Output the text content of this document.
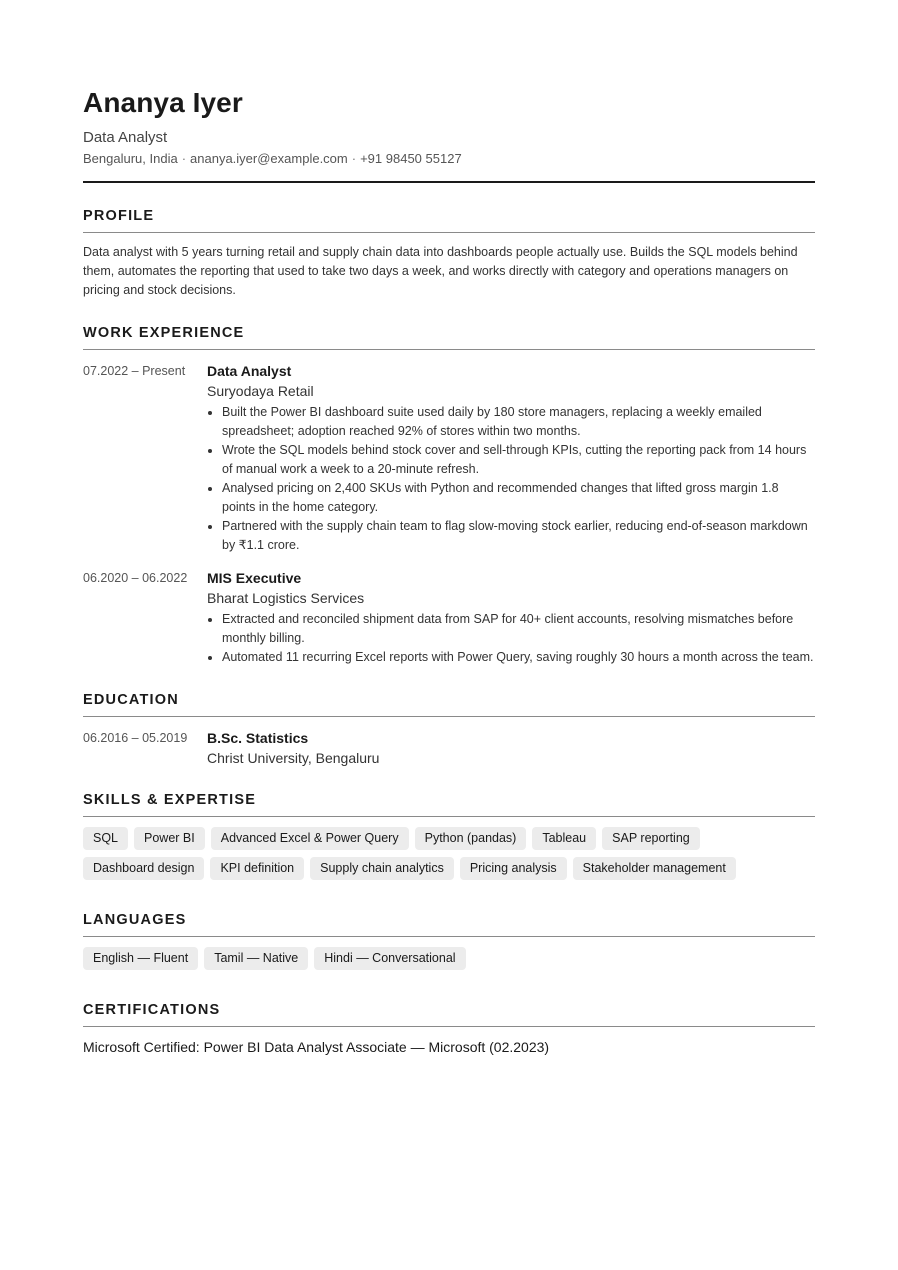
Ananya Iyer
Data Analyst
Bengaluru, India · ananya.iyer@example.com · +91 98450 55127
PROFILE
Data analyst with 5 years turning retail and supply chain data into dashboards people actually use. Builds the SQL models behind them, automates the reporting that used to take two days a week, and works directly with category and operations managers on pricing and stock decisions.
WORK EXPERIENCE
07.2022 – Present	Data Analyst
Suryodaya Retail
• Built the Power BI dashboard suite used daily by 180 store managers, replacing a weekly emailed spreadsheet; adoption reached 92% of stores within two months.
• Wrote the SQL models behind stock cover and sell-through KPIs, cutting the reporting pack from 14 hours of manual work a week to a 20-minute refresh.
• Analysed pricing on 2,400 SKUs with Python and recommended changes that lifted gross margin 1.8 points in the home category.
• Partnered with the supply chain team to flag slow-moving stock earlier, reducing end-of-season markdown by ₹1.1 crore.
06.2020 – 06.2022	MIS Executive
Bharat Logistics Services
• Extracted and reconciled shipment data from SAP for 40+ client accounts, resolving mismatches before monthly billing.
• Automated 11 recurring Excel reports with Power Query, saving roughly 30 hours a month across the team.
EDUCATION
06.2016 – 05.2019	B.Sc. Statistics
Christ University, Bengaluru
SKILLS & EXPERTISE
SQL	Power BI	Advanced Excel & Power Query	Python (pandas)	Tableau	SAP reporting
Dashboard design	KPI definition	Supply chain analytics	Pricing analysis	Stakeholder management
LANGUAGES
English — Fluent	Tamil — Native	Hindi — Conversational
CERTIFICATIONS
Microsoft Certified: Power BI Data Analyst Associate — Microsoft (02.2023)
